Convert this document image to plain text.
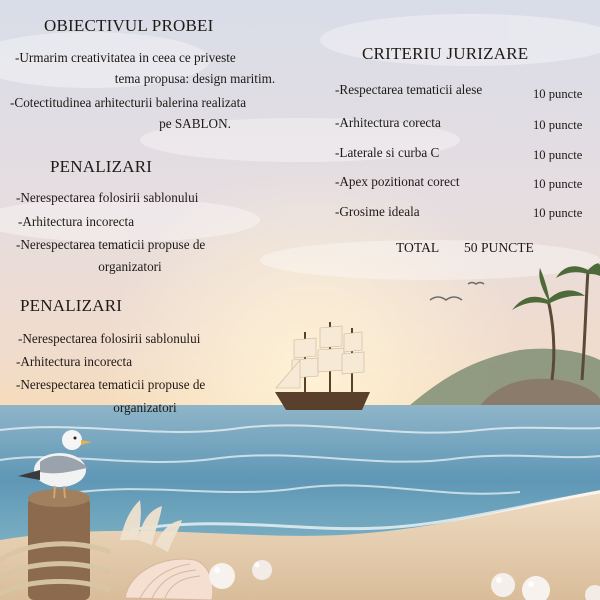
OBIECTIVUL PROBEI
-Urmarim creativitatea in ceea ce priveste
tema propusa: design maritim.
-Cotectitudinea arhitecturii balerina realizata
pe SABLON.
PENALIZARI
-Nerespectarea folosirii sablonului
-Arhitectura incorecta
-Nerespectarea tematicii propuse de
organizatori
PENALIZARI
-Nerespectarea folosirii sablonului
-Arhitectura incorecta
-Nerespectarea tematicii propuse de
organizatori
CRITERIU JURIZARE
-Respectarea tematicii alese	10 puncte
-Arhitectura corecta	10 puncte
-Laterale si curba C	10 puncte
-Apex pozitionat corect	10 puncte
-Grosime ideala	10 puncte
TOTAL 50 PUNCTE
